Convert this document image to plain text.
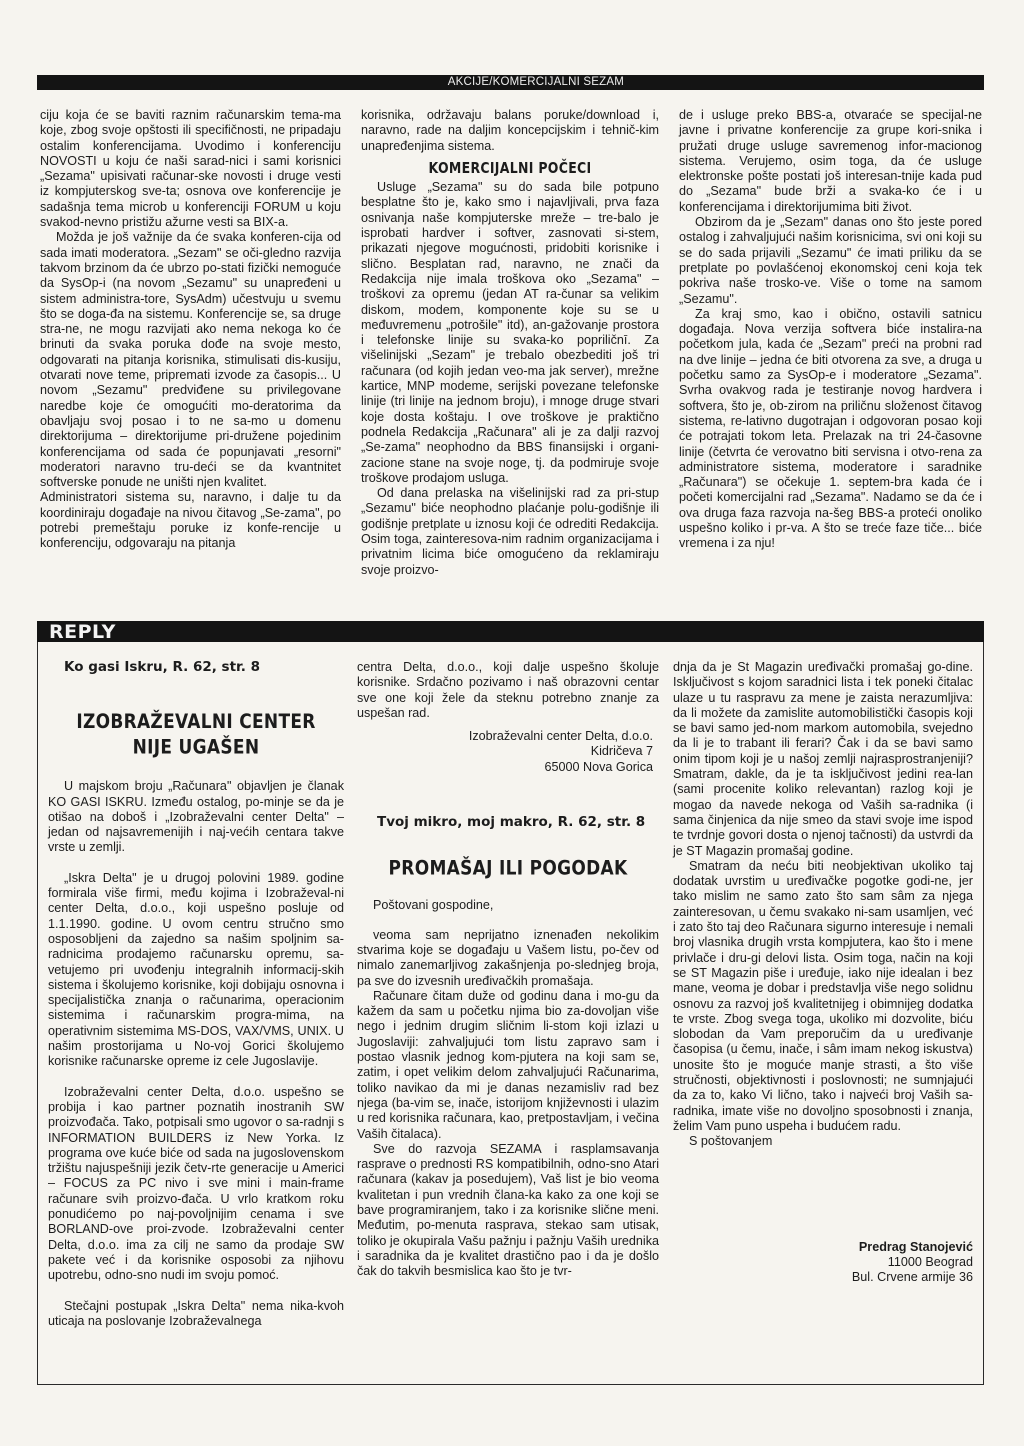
AKCIJE/KOMERCIJALNI SEZAM

ciju koja će se baviti raznim računarskim tema-ma koje, zbog svoje opštosti ili specifičnosti, ne pripadaju ostalim konferencijama. Uvodimo i konferenciju NOVOSTI u koju će naši sarad-nici i sami korisnici „Sezama" upisivati računar-ske novosti i druge vesti iz kompjuterskog sve-ta; osnova ove konferencije je sadašnja tema microb u konferenciji FORUM u koju svakod-nevno pristižu ažurne vesti sa BIX-a.

Možda je još važnije da će svaka konferen-cija od sada imati moderatora. „Sezam" se oči-gledno razvija takvom brzinom da će ubrzo po-stati fizički nemoguće da SysOp-i (na novom „Sezamu" su unapređeni u sistem administra-tore, SysAdm) učestvuju u svemu što se doga-đa na sistemu. Konferencije se, sa druge stra-ne, ne mogu razvijati ako nema nekoga ko će brinuti da svaka poruka dođe na svoje mesto, odgovarati na pitanja korisnika, stimulisati dis-kusiju, otvarati nove teme, pripremati izvode za časopis... U novom „Sezamu" predviđene su privilegovane naredbe koje će omogućiti mo-deratorima da obavljaju svoj posao i to ne sa-mo u domenu direktorijuma – direktorijume pri-družene pojedinim konferencijama od sada će popunjavati „resorni" moderatori naravno tru-deći se da kvantnitet softverske ponude ne uništi njen kvalitet.

Administratori sistema su, naravno, i dalje tu da koordiniraju događaje na nivou čitavog „Se-zama", po potrebi premeštaju poruke iz konfe-rencije u konferenciju, odgovaraju na pitanja

korisnika, održavaju balans poruke/download i, naravno, rade na daljim koncepcijskim i tehnič-kim unapređenjima sistema.

KOMERCIJALNI POČECI

Usluge „Sezama" su do sada bile potpuno besplatne što je, kako smo i najavljivali, prva faza osnivanja naše kompjuterske mreže – tre-balo je isprobati hardver i softver, zasnovati si-stem, prikazati njegove mogućnosti, pridobiti korisnike i slično. Besplatan rad, naravno, ne znači da Redakcija nije imala troškova oko „Sezama" – troškovi za opremu (jedan AT ra-čunar sa velikim diskom, modem, komponente koje su se u međuvremenu „potrošile" itd), an-gažovanje prostora i telefonske linije su svaka-ko popriličnī. Za višelinijski „Sezam" je trebalo obezbediti još tri računara (od kojih jedan veo-ma jak server), mrežne kartice, MNP modeme, serijski povezane telefonske linije (tri linije na jednom broju), i mnoge druge stvari koje dosta koštaju. I ove troškove je praktično podnela Redakcija „Računara" ali je za dalji razvoj „Se-zama" neophodno da BBS finansijski i organi-zacione stane na svoje noge, tj. da podmiruje svoje troškove prodajom usluga.

Od dana prelaska na višelinijski rad za pri-stup „Sezamu" biće neophodno plaćanje polu-godišnje ili godišnje pretplate u iznosu koji će odrediti Redakcija. Osim toga, zainteresova-nim radnim organizacijama i privatnim licima biće omogućeno da reklamiraju svoje proizvo-

de i usluge preko BBS-a, otvaraće se specijal-ne javne i privatne konferencije za grupe kori-snika i pružati druge usluge savremenog infor-macionog sistema. Verujemo, osim toga, da će usluge elektronske pošte postati još interesan-tnije kada pud do „Sezama" bude brži a svaka-ko će i u konferencijama i direktorijumima biti život.

Obzirom da je „Sezam" danas ono što jeste pored ostalog i zahvaljujući našim korisnicima, svi oni koji su se do sada prijavili „Sezamu" će imati priliku da se pretplate po povlašćenoj ekonomskoj ceni koja tek pokriva naše trosko-ve. Više o tome na samom „Sezamu".

Za kraj smo, kao i obično, ostavili satnicu događaja. Nova verzija softvera biće instalira-na početkom jula, kada će „Sezam" preći na probni rad na dve linije – jedna će biti otvorena za sve, a druga u početku samo za SysOp-e i moderatore „Sezama". Svrha ovakvog rada je testiranje novog hardvera i softvera, što je, ob-zirom na priličnu složenost čitavog sistema, re-lativno dugotrajan i odgovoran posao koji će potrajati tokom leta. Prelazak na tri 24-časovne linije (četvrta će verovatno biti servisna i otvo-rena za administratore sistema, moderatore i saradnike „Računara") se očekuje 1. septem-bra kada će i početi komercijalni rad „Sezama". Nadamo se da će i ova druga faza razvoja na-šeg BBS-a proteći onoliko uspešno koliko i pr-va. A što se treće faze tiče... biće vremena i za nju!

REPLY

Ko gasi Iskru, R. 62, str. 8

IZOBRAŽEVALNI CENTER
NIJE UGAŠEN

U majskom broju „Računara" objavljen je članak KO GASI ISKRU. Između ostalog, po-minje se da je otišao na doboš i „Izobraževalni center Delta" – jedan od najsavremenijih i naj-većih centara takve vrste u zemlji.

„Iskra Delta" je u drugoj polovini 1989. godine formirala više firmi, među kojima i Izobraževal-ni center Delta, d.o.o., koji uspešno posluje od 1.1.1990. godine. U ovom centru stručno smo osposobljeni da zajedno sa našim spoljnim sa-radnicima prodajemo računarsku opremu, sa-vetujemo pri uvođenju integralnih informacij-skih sistema i školujemo korisnike, koji dobijaju osnovna i specijalistička znanja o računarima, operacionim sistemima i računarskim progra-mima, na operativnim sistemima MS-DOS, VAX/VMS, UNIX. U našim prostorijama u No-voj Gorici školujemo korisnike računarske opreme iz cele Jugoslavije.

Izobraževalni center Delta, d.o.o. uspešno se probija i kao partner poznatih inostranih SW proizvođača. Tako, potpisali smo ugovor o sa-radnji s INFORMATION BUILDERS iz New Yorka. Iz programa ove kuće biće od sada na jugoslovenskom tržištu najuspešniji jezik četv-rte generacije u Americi – FOCUS za PC nivo i sve mini i main-frame računare svih proizvo-đača. U vrlo kratkom roku ponudićemo po naj-povoljnijim cenama i sve BORLAND-ove proi-zvode. Izobraževalni center Delta, d.o.o. ima za cilj ne samo da prodaje SW pakete već i da korisnike osposobi za njihovu upotrebu, odno-sno nudi im svoju pomoć.

Stečajni postupak „Iskra Delta" nema nika-kvoh uticaja na poslovanje Izobraževalnega

centra Delta, d.o.o., koji dalje uspešno školuje korisnike. Srdačno pozivamo i naš obrazovni centar sve one koji žele da steknu potrebno znanje za uspešan rad.

Izobraževalni center Delta, d.o.o.
Kidričeva 7
65000 Nova Gorica

Tvoj mikro, moj makro, R. 62, str. 8

PROMAŠAJ ILI POGODAK

Poštovani gospodine,

veoma sam neprijatno iznenađen nekolikim stvarima koje se događaju u Vašem listu, po-čev od nimalo zanemarljivog zakašnjenja po-slednjeg broja, pa sve do izvesnih uređivačkih promašaja.

Računare čitam duže od godinu dana i mo-gu da kažem da sam u početku njima bio za-dovoljan više nego i jednim drugim sličnim li-stom koji izlazi u Jugoslaviji: zahvaljujući tom listu zapravo sam i postao vlasnik jednog kom-pjutera na koji sam se, zatim, i opet velikim delom zahvaljujući Računarima, toliko navikao da mi je danas nezamisliv rad bez njega (ba-vim se, inače, istorijom književnosti i ulazim u red korisnika računara, kao, pretpostavljam, i večina Vaših čitalaca).

Sve do razvoja SEZAMA i rasplamsavanja rasprave o prednosti RS kompatibilnih, odno-sno Atari računara (kakav ja posedujem), Vaš list je bio veoma kvalitetan i pun vrednih člana-ka kako za one koji se bave programiranjem, tako i za korisnike slične meni. Međutim, po-menuta rasprava, stekao sam utisak, toliko je okupirala Vašu pažnju i pažnju Vaših urednika i saradnika da je kvalitet drastično pao i da je došlo čak do takvih besmislica kao što je tvr-

dnja da je St Magazin uređivački promašaj go-dine. Isključivost s kojom saradnici lista i tek poneki čitalac ulaze u tu raspravu za mene je zaista nerazumljiva: da li možete da zamislite automobilistički časopis koji se bavi samo jed-nom markom automobila, svejedno da li je to trabant ili ferari? Čak i da se bavi samo onim tipom koji je u našoj zemlji najrasprostranjeniji? Smatram, dakle, da je ta isključivost jedini rea-lan (sami procenite koliko relevantan) razlog koji je mogao da navede nekoga od Vaših sa-radnika (i sama činjenica da nije smeo da stavi svoje ime ispod te tvrdnje govori dosta o njenoj tačnosti) da ustvrdi da je ST Magazin promašaj godine.

Smatram da neću biti neobjektivan ukoliko taj dodatak uvrstim u uređivačke pogotke godi-ne, jer tako mislim ne samo zato što sam sâm za njega zainteresovan, u čemu svakako ni-sam usamljen, već i zato što taj deo Računara sigurno interesuje i nemali broj vlasnika drugih vrsta kompjutera, kao što i mene privlače i dru-gi delovi lista. Osim toga, način na koji se ST Magazin piše i uređuje, iako nije idealan i bez mane, veoma je dobar i predstavlja više nego solidnu osnovu za razvoj još kvalitetnijeg i obimnijeg dodatka te vrste. Zbog svega toga, ukoliko mi dozvolite, biću slobodan da Vam preporučim da u uređivanje časopisa (u čemu, inače, i sâm imam nekog iskustva) unosite što je moguće manje strasti, a što više stručnosti, objektivnosti i poslovnosti; ne sumnjajući da za to, kako Vi lično, tako i najveći broj Vaših sa-radnika, imate više no dovoljno sposobnosti i znanja, želim Vam puno uspeha i budućem radu.

S poštovanjem

Predrag Stanojević
11000 Beograd
Bul. Crvene armije 36
